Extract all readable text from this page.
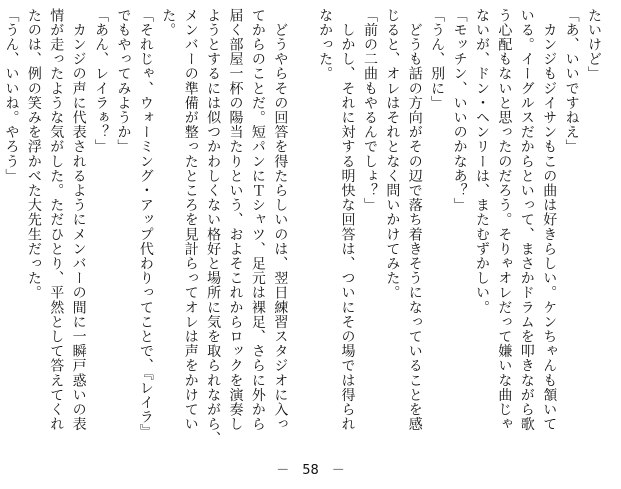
たいけど」

「あ、いいですねえ」

　カンジもジイサンもこの曲は好きらしい。ケンちゃんも頷いて

いる。イーグルスだからといって、まさかドラムを叩きながら歌

う心配もないと思ったのだろう。そりゃオレだって嫌いな曲じゃ

ないが、ドン・ヘンリーは、またむずかしい。

「モッチン、いいのかなあ？」

「うん、別に」

　どうも話の方向がその辺で落ち着きそうになっていることを感

じると、オレはそれとなく問いかけてみた。

「前の二曲もやるんでしょ？」

　しかし、それに対する明快な回答は、ついにその場では得られ

なかった。

　どうやらその回答を得たらしいのは、翌日練習スタジオに入っ

てからのことだ。短パンにＴシャツ、足元は裸足、さらに外から

届く部屋一杯の陽当たりという、およそこれからロックを演奏し

ようとするには似つかわしくない格好と場所に気を取られながら、

メンバーの準備が整ったところを見計らってオレは声をかけてい

た。

「それじゃ、ウォーミング・アップ代わりってことで、『レイラ』

でもやってみようか」

「あん、レイラぁ？」

　カンジの声に代表されるようにメンバーの間に一瞬戸惑いの表

情が走ったような気がした。ただひとり、平然として答えてくれ

たのは、例の笑みを浮かべた大先生だった。

「うん、いいね。やろう」

－　58　－
